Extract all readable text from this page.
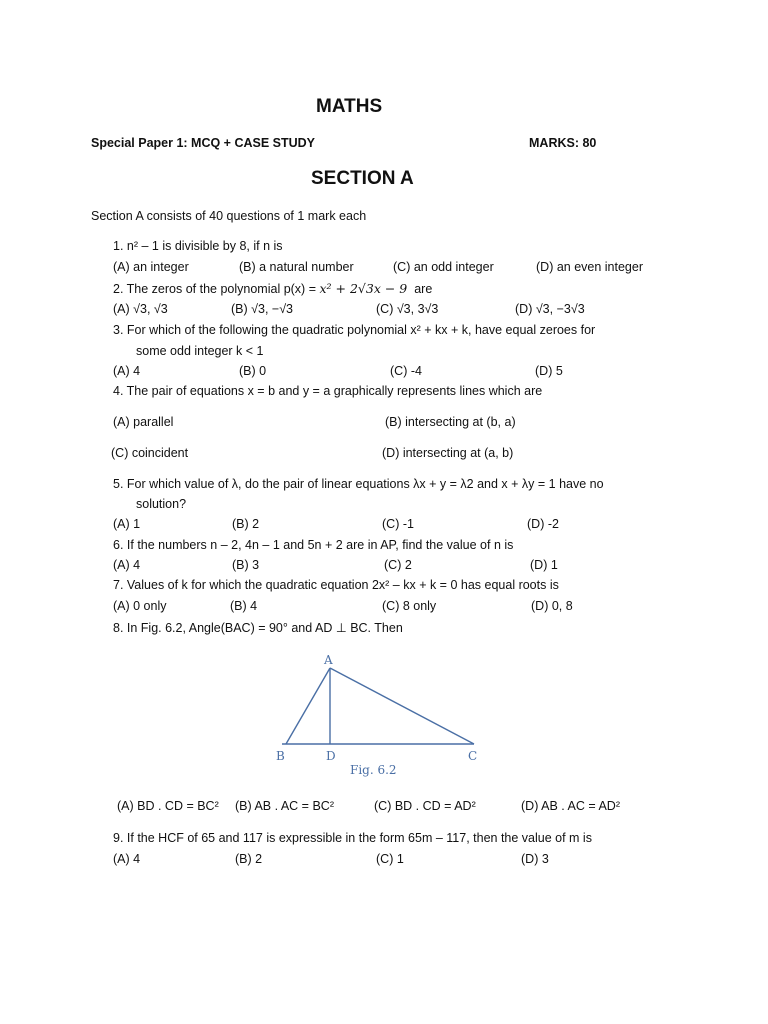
MATHS
Special Paper 1: MCQ + CASE STUDY	MARKS: 80
SECTION A
Section A consists of 40 questions of 1 mark each
1. n² – 1 is divisible by 8, if n is
(A) an integer	(B) a natural number	(C) an odd integer	(D) an even integer
2. The zeros of the polynomial p(x) = x² + 2√3x − 9 are
(A) √3, √3	(B) √3, −√3	(C) √3, 3√3	(D) √3, −3√3
3. For which of the following the quadratic polynomial x² + kx + k, have equal zeroes for
some odd integer k < 1
(A) 4	(B) 0	(C) -4	(D) 5
4. The pair of equations x = b and y = a graphically represents lines which are
(A) parallel	(B) intersecting at (b, a)
(C) coincident	(D) intersecting at (a, b)
5. For which value of λ, do the pair of linear equations λx + y = λ2 and x + λy = 1 have no
solution?
(A) 1	(B) 2	(C) -1	(D) -2
6. If the numbers n – 2, 4n – 1 and 5n + 2 are in AP, find the value of n is
(A) 4	(B) 3	(C) 2	(D) 1
7. Values of k for which the quadratic equation 2x² – kx + k = 0 has equal roots is
(A) 0 only	(B) 4	(C) 8 only	(D) 0, 8
8. In Fig. 6.2, Angle(BAC) = 90° and AD ⊥ BC. Then
A
B	D	C
Fig. 6.2
(A) BD . CD = BC² (B) AB . AC = BC²	(C) BD . CD = AD²	(D) AB . AC = AD²
9. If the HCF of 65 and 117 is expressible in the form 65m – 117, then the value of m is
(A) 4	(B) 2	(C) 1	(D) 3
